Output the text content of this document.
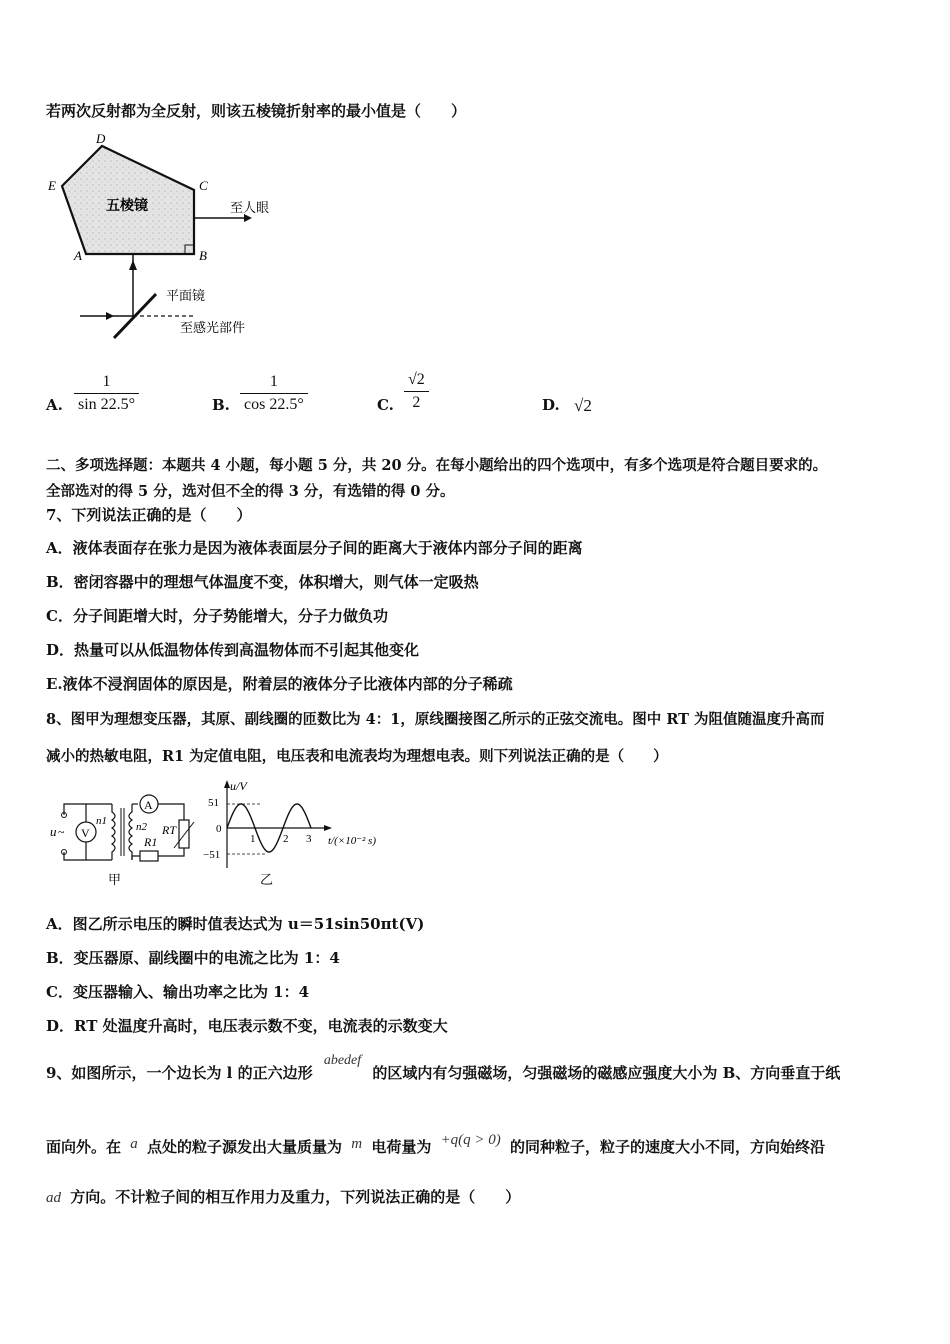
若两次反射都为全反射，则该五棱镜折射率的最小值是（　　）
五棱镜
D
E	C
A	B
至人眼
平面镜
至感光部件
A. $\frac{1}{\sin 22.5^\circ}$	B. $\frac{1}{\cos 22.5^\circ}$	C. $\frac{√2}{2}$	D. √2
二、多项选择题：本题共 4 小题，每小题 5 分，共 20 分。在每小题给出的四个选项中，有多个选项是符合题目要求的。
全部选对的得 5 分，选对但不全的得 3 分，有选错的得 0 分。
7、下列说法正确的是（　　）
A．液体表面存在张力是因为液体表面层分子间的距离大于液体内部分子间的距离
B．密闭容器中的理想气体温度不变，体积增大，则气体一定吸热
C．分子间距增大时，分子势能增大，分子力做负功
D．热量可以从低温物体传到高温物体而不引起其他变化
E.液体不浸润固体的原因是，附着层的液体分子比液体内部的分子稀疏
8、图甲为理想变压器，其原、副线圈的匝数比为 4：1，原线圈接图乙所示的正弦交流电。图中 RT 为阻值随温度升高而
减小的热敏电阻，R1 为定值电阻，电压表和电流表均为理想电表。则下列说法正确的是（　　）
u ~ V
n1	n2
A
RT
R1
甲
u/V
t/(×10⁻² s)
51
0
−51
1	2 3
乙
A．图乙所示电压的瞬时值表达式为 u＝51sin50πt(V)
B．变压器原、副线圈中的电流之比为 1：4
C．变压器输入、输出功率之比为 1：4
D．RT 处温度升高时，电压表示数不变，电流表的示数变大
9、如图所示，一个边长为 l 的正六边形 abedef 的区域内有匀强磁场，匀强磁场的磁感应强度大小为 B、方向垂直于纸
面向外。在 a 点处的粒子源发出大量质量为 m 电荷量为 +q(q > 0) 的同种粒子，粒子的速度大小不同，方向始终沿
ad 方向。不计粒子间的相互作用力及重力，下列说法正确的是（　　）
